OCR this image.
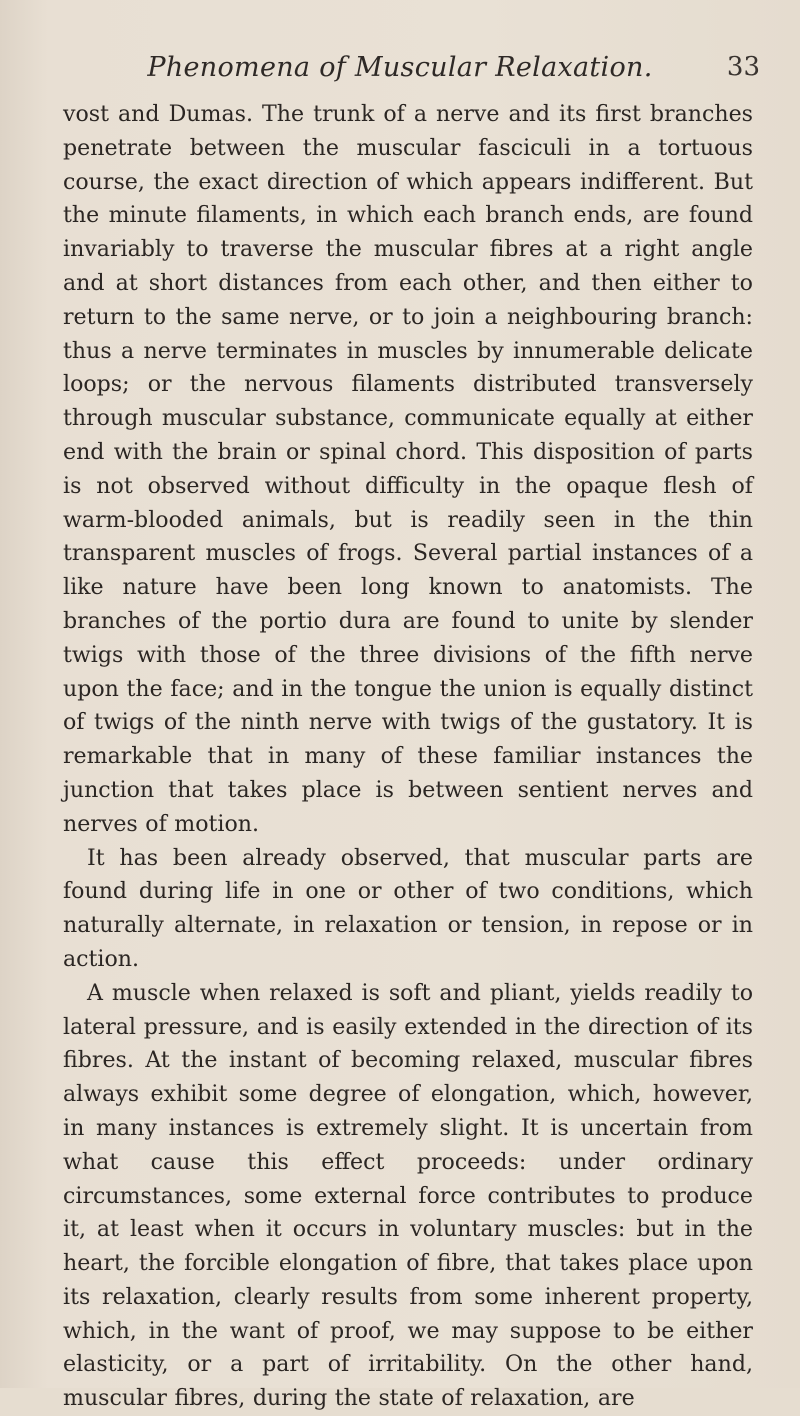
Phenomena of Muscular Relaxation.	33

vost and Dumas. The trunk of a nerve and its first branches penetrate between the muscular fasciculi in a tortuous course, the exact direction of which appears indifferent. But the minute filaments, in which each branch ends, are found invariably to traverse the muscular fibres at a right angle and at short distances from each other, and then either to return to the same nerve, or to join a neighbouring branch: thus a nerve terminates in muscles by innumerable delicate loops; or the nervous filaments distributed transversely through muscular substance, communicate equally at either end with the brain or spinal chord. This disposition of parts is not observed without difficulty in the opaque flesh of warm-blooded animals, but is readily seen in the thin transparent muscles of frogs. Several partial instances of a like nature have been long known to anatomists. The branches of the portio dura are found to unite by slender twigs with those of the three divisions of the fifth nerve upon the face; and in the tongue the union is equally distinct of twigs of the ninth nerve with twigs of the gustatory. It is remarkable that in many of these familiar instances the junction that takes place is between sentient nerves and nerves of motion.

It has been already observed, that muscular parts are found during life in one or other of two conditions, which naturally alternate, in relaxation or tension, in repose or in action.

A muscle when relaxed is soft and pliant, yields readily to lateral pressure, and is easily extended in the direction of its fibres. At the instant of becoming relaxed, muscular fibres always exhibit some degree of elongation, which, however, in many instances is extremely slight. It is uncertain from what cause this effect proceeds: under ordinary circumstances, some external force contributes to produce it, at least when it occurs in voluntary muscles: but in the heart, the forcible elongation of fibre, that takes place upon its relaxation, clearly results from some inherent property, which, in the want of proof, we may suppose to be either elasticity, or a part of irritability. On the other hand, muscular fibres, during the state of relaxation, are
